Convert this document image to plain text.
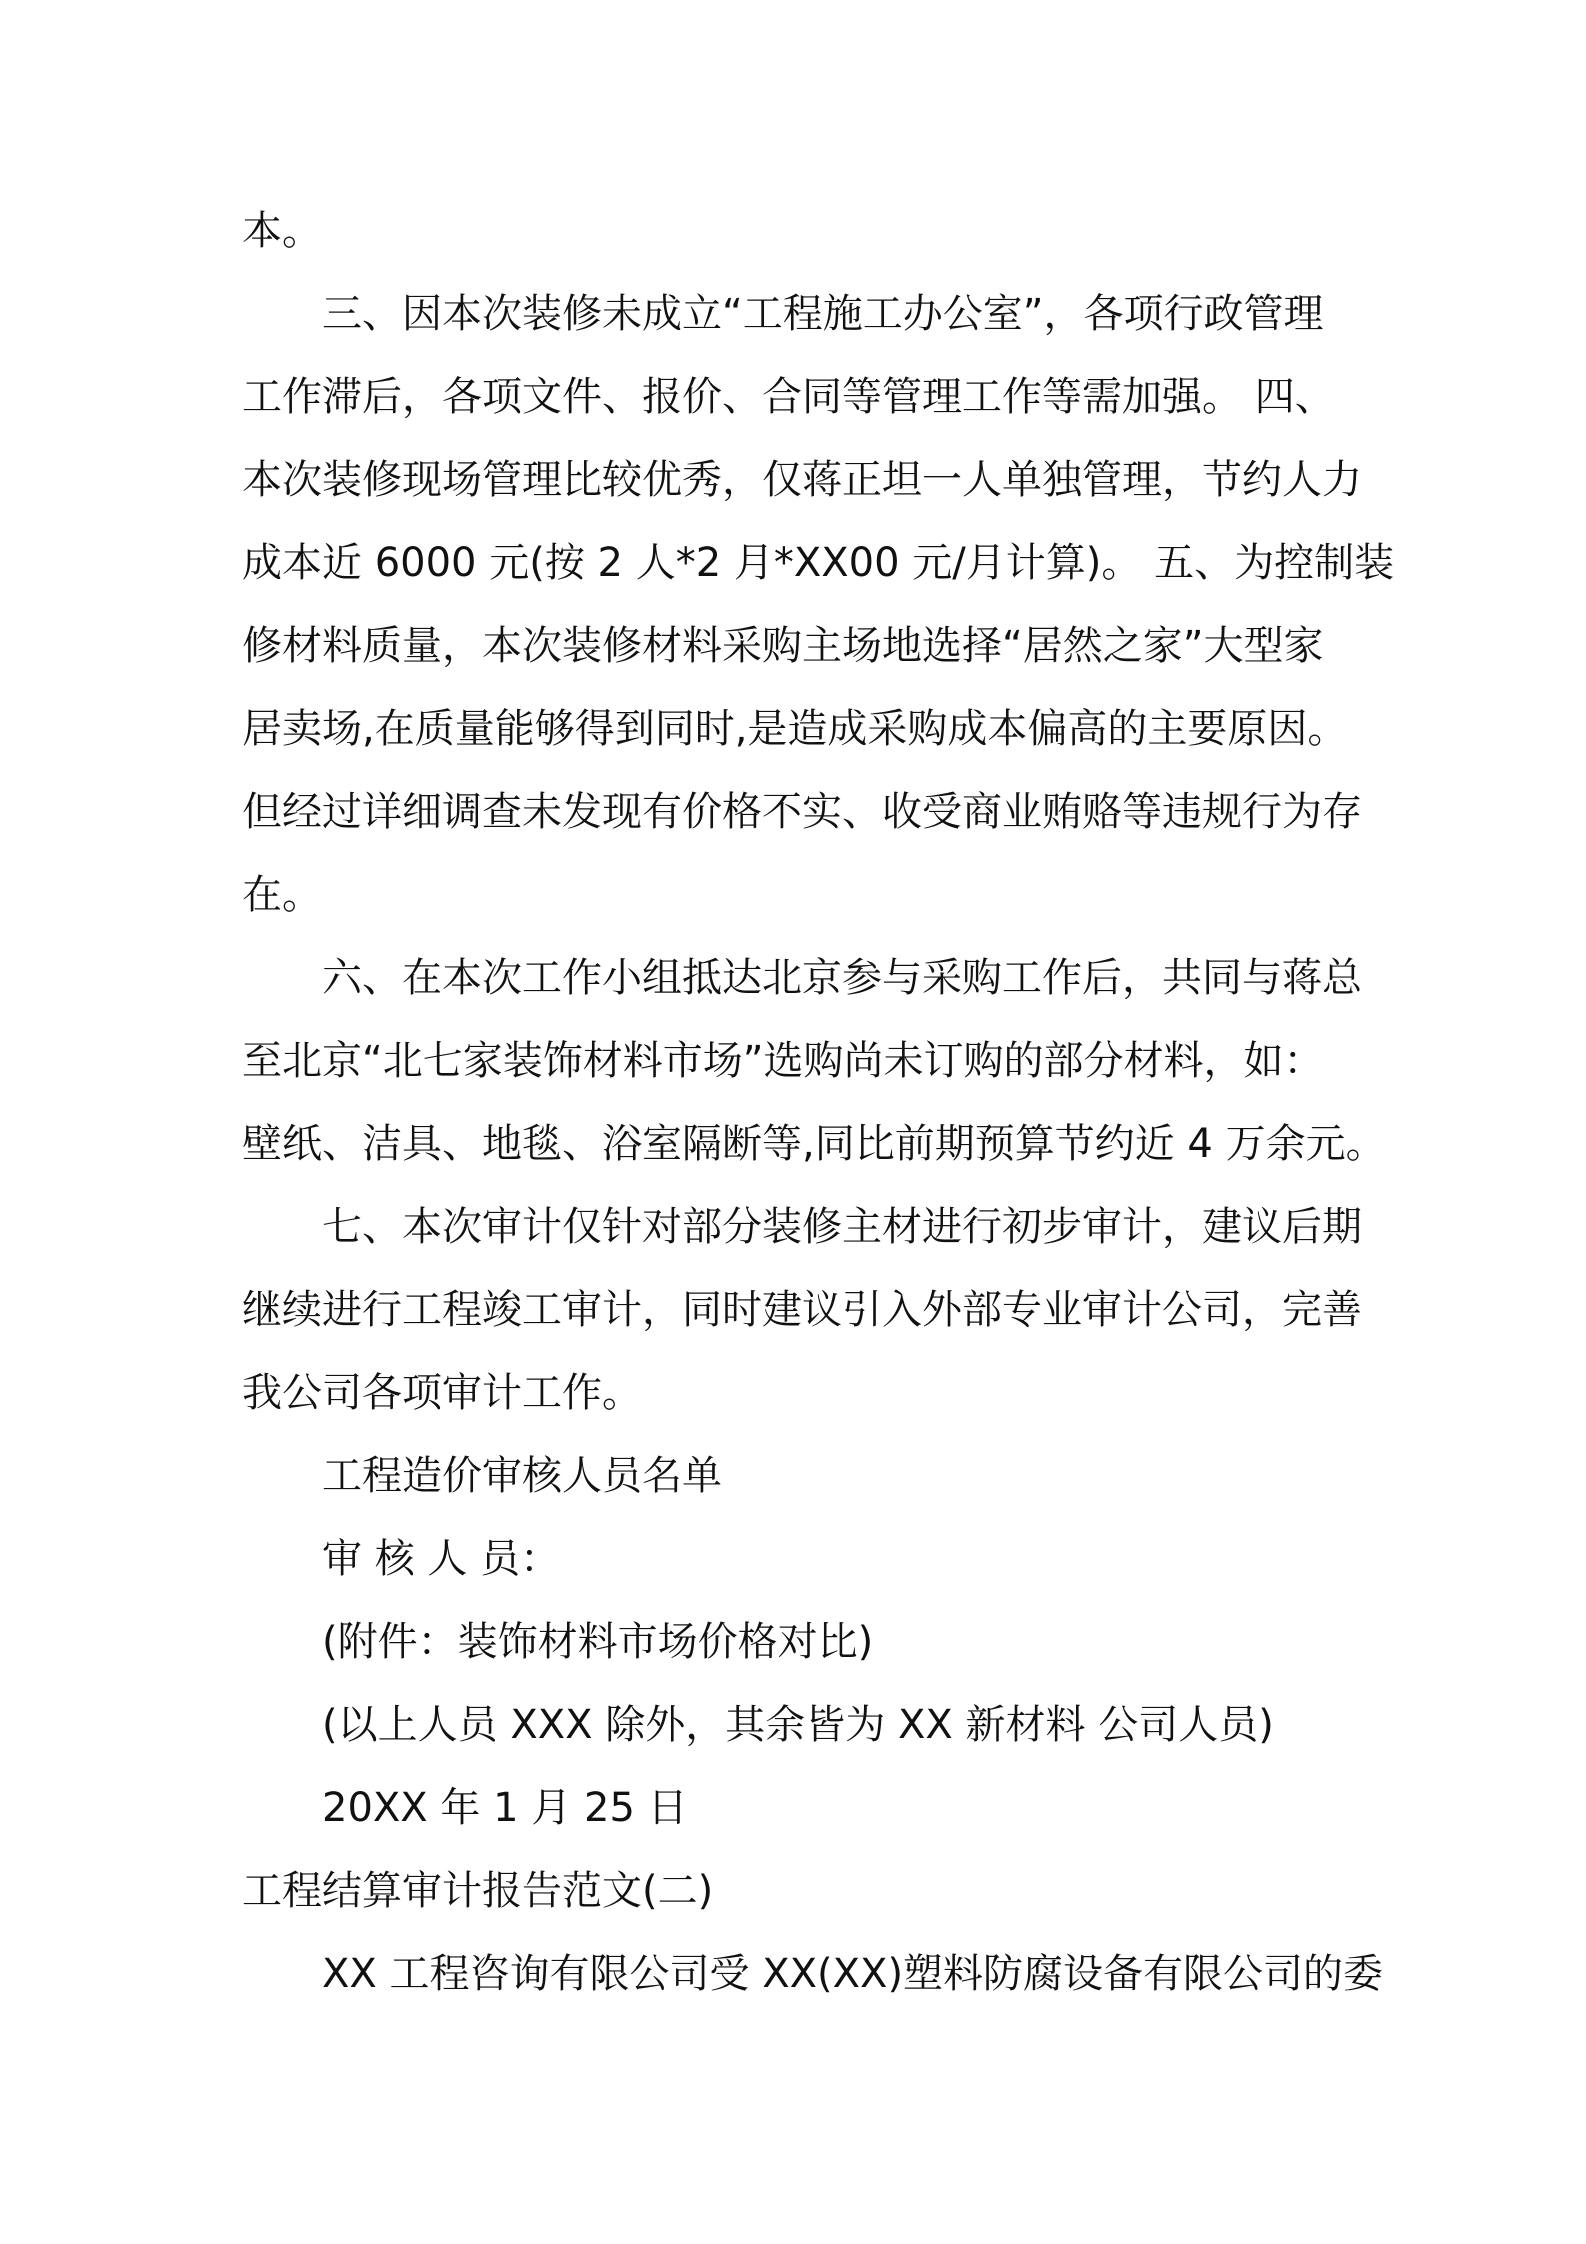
本。
三、因本次装修未成立“工程施工办公室”，各项行政管理
工作滞后，各项文件、报价、合同等管理工作等需加强。 四、
本次装修现场管理比较优秀，仅蒋正坦一人单独管理，节约人力
成本近 6000 元(按 2 人*2 月*XX00 元/月计算)。 五、为控制装
修材料质量，本次装修材料采购主场地选择“居然之家”大型家
居卖场,在质量能够得到同时,是造成采购成本偏高的主要原因。
但经过详细调查未发现有价格不实、收受商业贿赂等违规行为存
在。
六、在本次工作小组抵达北京参与采购工作后，共同与蒋总
至北京“北七家装饰材料市场”选购尚未订购的部分材料，如：
壁纸、洁具、地毯、浴室隔断等,同比前期预算节约近 4 万余元。
七、本次审计仅针对部分装修主材进行初步审计，建议后期
继续进行工程竣工审计，同时建议引入外部专业审计公司，完善
我公司各项审计工作。
工程造价审核人员名单
审 核 人 员：
(附件：装饰材料市场价格对比)
(以上人员 XXX 除外，其余皆为 XX 新材料 公司人员)
20XX 年 1 月 25 日
工程结算审计报告范文(二)
XX 工程咨询有限公司受 XX(XX)塑料防腐设备有限公司的委
